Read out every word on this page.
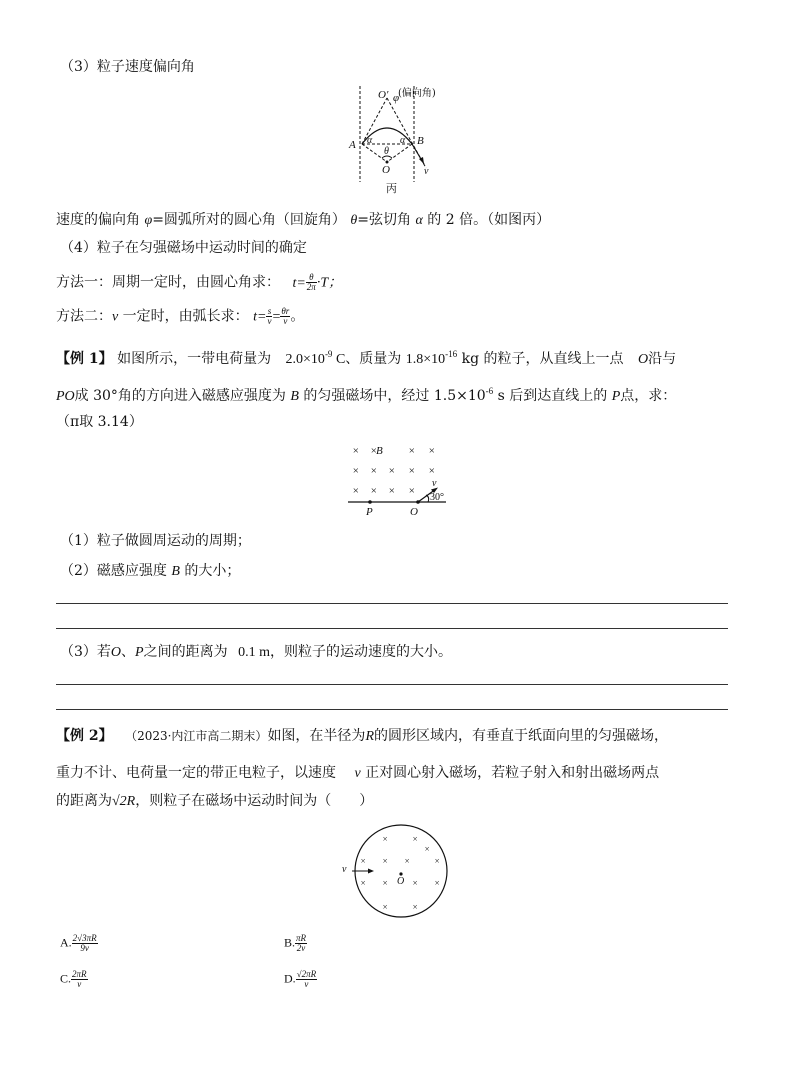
（3）粒子速度偏向角
O′ φ
(偏向角)
A	B
α	α
θ
O	v
丙
速度的偏向角 φ=圆弧所对的圆心角（回旋角） θ=弦切角 α 的 2 倍。（如图丙）
（4）粒子在匀强磁场中运动时间的确定
方法一：周期一定时，由圆心角求： $t= \frac{\theta}{2\pi} \cdot T$；
方法二：v 一定时，由弧长求： $t= \frac{s}{v} = \frac{\theta r}{v}$ 。
【例 1】 如图所示，一带电荷量为 $2.0\times 10^{-9}$ C、质量为 $1.8\times 10^{-16}$ kg 的粒子，从直线上一点 O沿与
PO成 30°角的方向进入磁感应强度为 B 的匀强磁场中，经过 $1.5\times 10^{-6}$ s 后到达直线上的 P点，求：
（π取 3.14）
× ×	× ×
× × × × ×
× × × ×
B
P	O
v
30°
（1）粒子做圆周运动的周期；
（2）磁感应强度 B 的大小；
（3）若O、P之间的距离为 0.1 m，则粒子的运动速度的大小。
【例 2】 （2023·内江市高二期末）如图，在半径为R的圆形区域内，有垂直于纸面向里的匀强磁场，
重力不计、电荷量一定的带正电粒子，以速度 v 正对圆心射入磁场，若粒子射入和射出磁场两点
的距离为√2R，则粒子在磁场中运动时间为（　　）
×	×
× ×	×
×
× ×	× ×
×	×
×
v
O
A. $\frac{2√3\pi R}{9v}$	B. $\frac{\pi R}{2v}$
C. $\frac{2\pi R}{v}$	D. $\frac{√2\pi R}{v}$
